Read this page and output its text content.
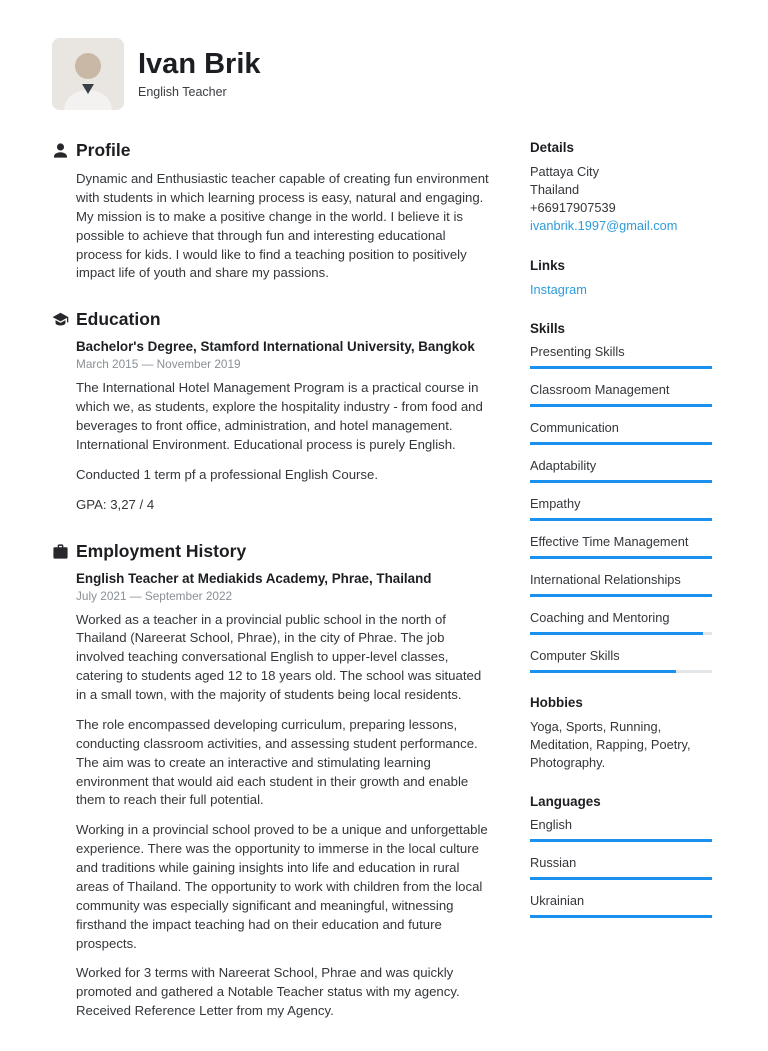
Ivan Brik
English Teacher
Profile

Dynamic and Enthusiastic teacher capable of creating fun environment with students in which learning process is easy, natural and engaging. My mission is to make a positive change in the world. I believe it is possible to achieve that through fun and interesting educational process for kids. I would like to find a teaching position to positively impact life of youth and share my passions.

Education
Bachelor's Degree, Stamford International University, Bangkok
March 2015 — November 2019

The International Hotel Management Program is a practical course in which we, as students, explore the hospitality industry - from food and beverages to front office, administration, and hotel management. International Environment. Educational process is purely English.

Conducted 1 term pf a professional English Course.

GPA: 3,27 / 4

Employment History
English Teacher at Mediakids Academy, Phrae, Thailand
July 2021 — September 2022

Worked as a teacher in a provincial public school in the north of Thailand (Nareerat School, Phrae), in the city of Phrae. The job involved teaching conversational English to upper-level classes, catering to students aged 12 to 18 years old. The school was situated in a small town, with the majority of students being local residents.

The role encompassed developing curriculum, preparing lessons, conducting classroom activities, and assessing student performance. The aim was to create an interactive and stimulating learning environment that would aid each student in their growth and enable them to reach their full potential.

Working in a provincial school proved to be a unique and unforgettable experience. There was the opportunity to immerse in the local culture and traditions while gaining insights into life and education in rural areas of Thailand. The opportunity to work with children from the local community was especially significant and meaningful, witnessing firsthand the impact teaching had on their education and future prospects.

Worked for 3 terms with Nareerat School, Phrae and was quickly promoted and gathered a Notable Teacher status with my agency. Received Reference Letter from my Agency.

Details
Pattaya City
Thailand
+66917907539
ivanbrik.1997@gmail.com
Links
Instagram
Skills
Presenting Skills
Classroom Management
Communication
Adaptability
Empathy
Effective Time Management
International Relationships
Coaching and Mentoring
Computer Skills
Hobbies
Yoga, Sports, Running, Meditation, Rapping, Poetry, Photography.
Languages
English
Russian
Ukrainian
